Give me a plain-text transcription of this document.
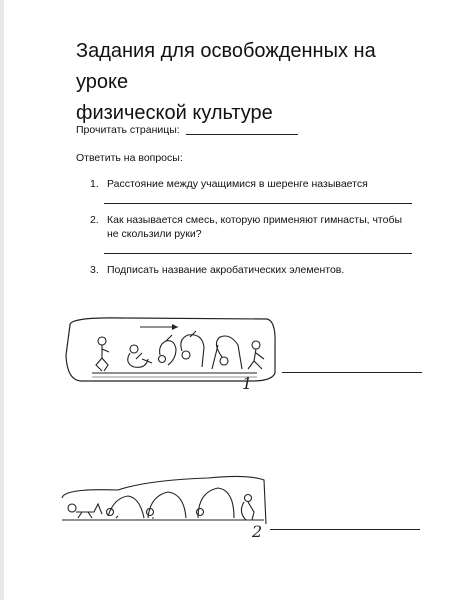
Задания для освобожденных на уроке
физической культуре
Прочитать страницы:
Ответить на вопросы:
1. Расстояние между учащимися в шеренге называется
2. Как называется смесь, которую применяют гимнасты, чтобы
не скользили руки?
3. Подписать название акробатических элементов.
1
2
